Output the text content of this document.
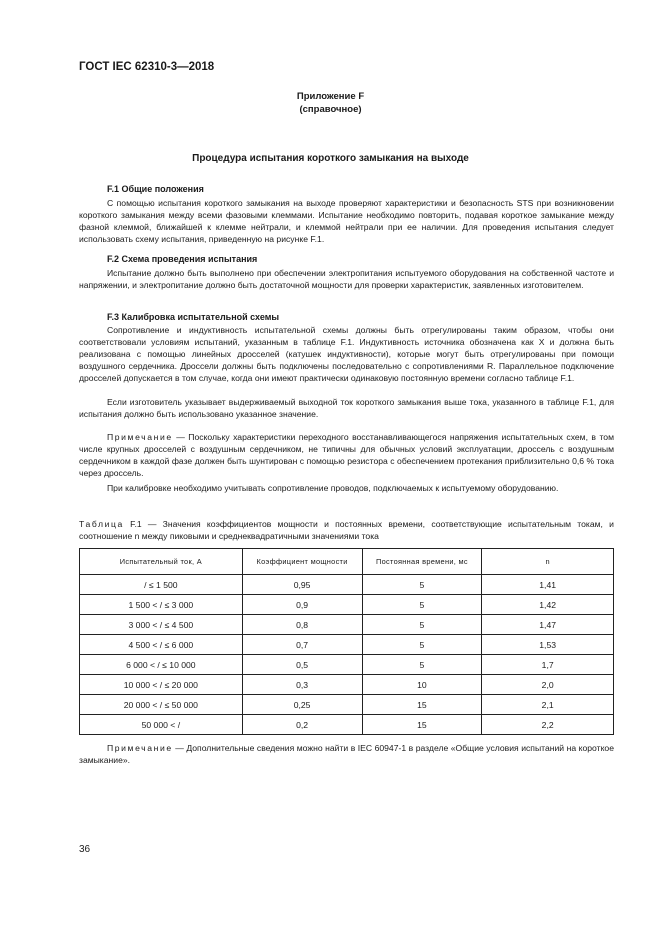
ГОСТ IEC 62310-3—2018
Приложение F
(справочное)
Процедура испытания короткого замыкания на выходе
F.1 Общие положения

С помощью испытания короткого замыкания на выходе проверяют характеристики и безопасность STS при возникновении короткого замыкания между всеми фазовыми клеммами. Испытание необходимо повторить, подавая короткое замыкание между фазной клеммой, ближайшей к клемме нейтрали, и клеммой нейтрали при ее наличии. Для проведения испытания следует использовать схему испытания, приведенную на рисунке F.1.

F.2 Схема проведения испытания

Испытание должно быть выполнено при обеспечении электропитания испытуемого оборудования на собственной частоте и напряжении, и электропитание должно быть достаточной мощности для проверки характеристик, заявленных изготовителем.

F.3 Калибровка испытательной схемы

Сопротивление и индуктивность испытательной схемы должны быть отрегулированы таким образом, чтобы они соответствовали условиям испытаний, указанным в таблице F.1. Индуктивность источника обозначена как X и должна быть реализована с помощью линейных дросселей (катушек индуктивности), которые могут быть отрегулированы при помощи воздушного сердечника. Дроссели должны быть подключены последовательно с сопротивлениями R. Параллельное подключение дросселей допускается в том случае, когда они имеют практически одинаковую постоянную времени согласно таблице F.1.

Если изготовитель указывает выдерживаемый выходной ток короткого замыкания выше тока, указанного в таблице F.1, для испытания должно быть использовано указанное значение.

Примечание — Поскольку характеристики переходного восстанавливающегося напряжения испытательных схем, в том числе крупных дросселей с воздушным сердечником, не типичны для обычных условий эксплуатации, дроссель с воздушным сердечником в каждой фазе должен быть шунтирован с помощью резистора с обеспечением протекания приблизительно 0,6 % тока через дроссель.

При калибровке необходимо учитывать сопротивление проводов, подключаемых к испытуемому оборудованию.

Таблица F.1 — Значения коэффициентов мощности и постоянных времени, соответствующие испытательным токам, и соотношение n между пиковыми и среднеквадратичными значениями тока

Испытательный ток, А	Коэффициент мощности	Постоянная времени, мс	n
/ ≤ 1 500	0,95	5	1,41
1 500 < / ≤ 3 000	0,9	5	1,42
3 000 < / ≤ 4 500	0,8	5	1,47
4 500 < / ≤ 6 000	0,7	5	1,53
6 000 < / ≤ 10 000	0,5	5	1,7
10 000 < / ≤ 20 000	0,3	10	2,0
20 000 < / ≤ 50 000	0,25	15	2,1
50 000 < /	0,2	15	2,2

Примечание — Дополнительные сведения можно найти в IEC 60947-1 в разделе «Общие условия испытаний на короткое замыкание».

36
